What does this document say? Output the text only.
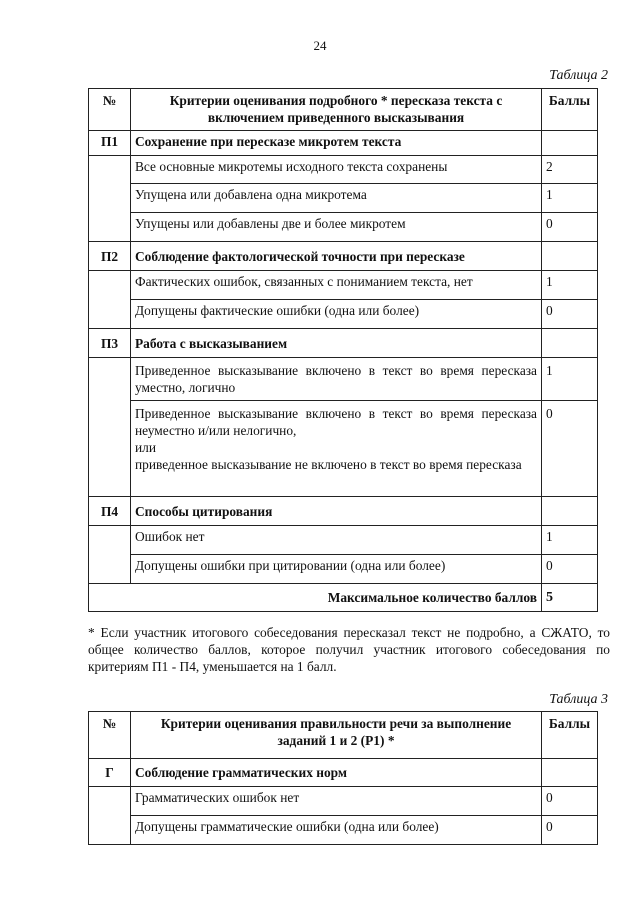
24
Таблица 2
№	Критерии оценивания подробного * пересказа текста с включением приведенного высказывания	Баллы
П1	Сохранение при пересказе микротем текста	
	Все основные микротемы исходного текста сохранены	2
	Упущена или добавлена одна микротема	1
	Упущены или добавлены две и более микротем	0
П2	Соблюдение фактологической точности при пересказе	
	Фактических ошибок, связанных с пониманием текста, нет	1
	Допущены фактические ошибки (одна или более)	0
П3	Работа с высказыванием	
	Приведенное высказывание включено в текст во время пересказа уместно, логично	1

	Приведенное высказывание включено в текст во время пересказа неуместно и/или нелогично,
или
приведенное высказывание не включено в текст во время пересказа	0
П4	Способы цитирования	
	Ошибок нет	1
	Допущены ошибки при цитировании (одна или более)	0
Максимальное количество баллов		5
* Если участник итогового собеседования пересказал текст не подробно, а СЖАТО, то общее количество баллов, которое получил участник итогового собеседования по критериям П1 - П4, уменьшается на 1 балл.
Таблица 3
№	Критерии оценивания правильности речи за выполнение заданий 1 и 2 (Р1) *	Баллы
Г	Соблюдение грамматических норм	
	Грамматических ошибок нет	0
	Допущены грамматические ошибки (одна или более)	0
